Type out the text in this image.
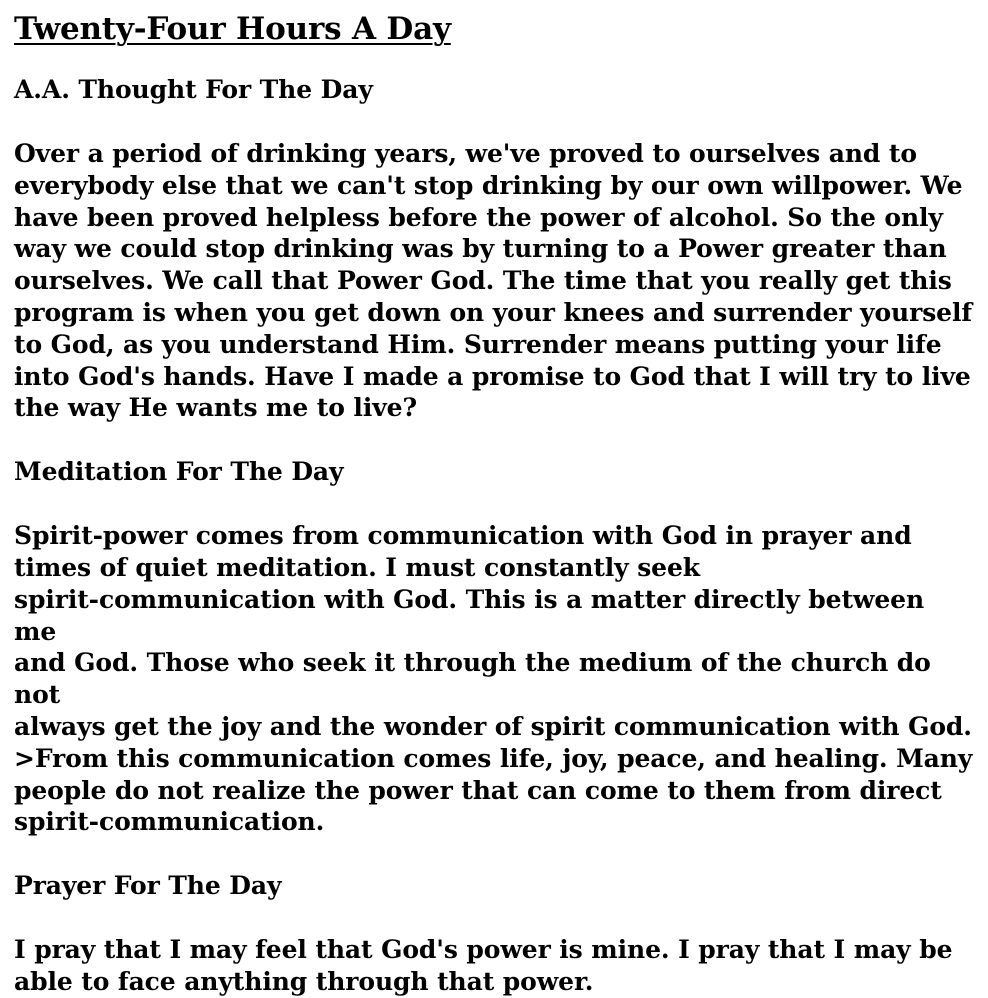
Twenty-Four Hours A Day
A.A. Thought For The Day
Over a period of drinking years, we've proved to ourselves and to
everybody else that we can't stop drinking by our own willpower. We
have been proved helpless before the power of alcohol. So the only
way we could stop drinking was by turning to a Power greater than
ourselves. We call that Power God. The time that you really get this
program is when you get down on your knees and surrender yourself
to God, as you understand Him. Surrender means putting your life
into God's hands. Have I made a promise to God that I will try to live
the way He wants me to live?
Meditation For The Day
Spirit-power comes from communication with God in prayer and
times of quiet meditation. I must constantly seek
spirit-communication with God. This is a matter directly between me
and God. Those who seek it through the medium of the church do not
always get the joy and the wonder of spirit communication with God.
>From this communication comes life, joy, peace, and healing. Many
people do not realize the power that can come to them from direct
spirit-communication.
Prayer For The Day
I pray that I may feel that God's power is mine. I pray that I may be
able to face anything through that power.
